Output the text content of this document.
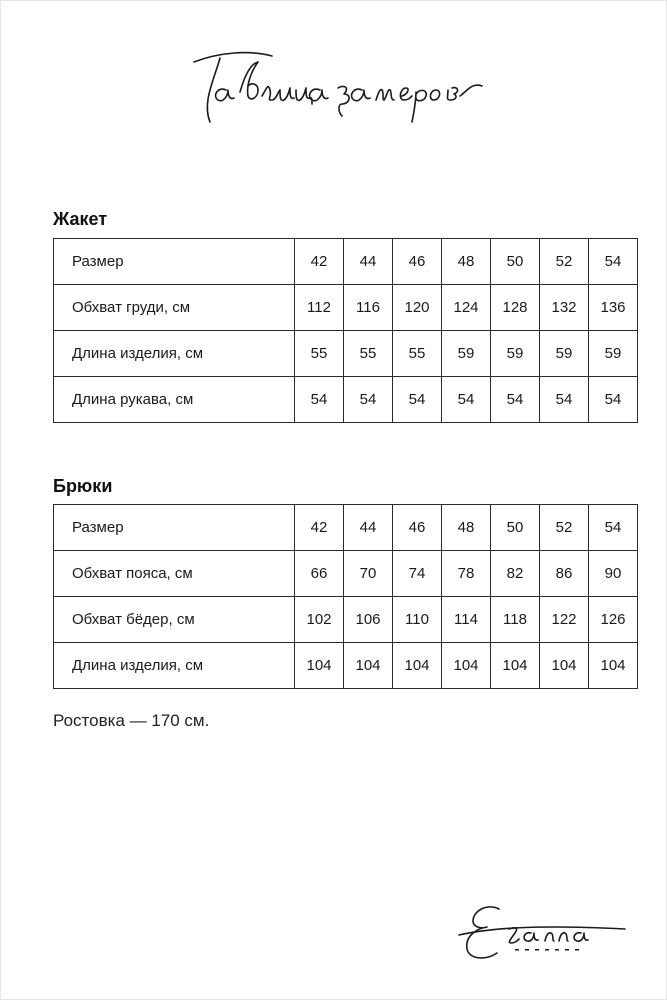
Жакет
Размер	42	44	46	48	50	52	54
Обхват груди, см	112	116	120	124	128	132	136
Длина изделия, см	55	55	55	59	59	59	59
Длина рукава, см	54	54	54	54	54	54	54
Брюки
Размер	42	44	46	48	50	52	54
Обхват пояса, см	66	70	74	78	82	86	90
Обхват бёдер, см	102	106	110	114	118	122	126
Длина изделия, см	104	104	104	104	104	104	104
Ростовка — 170 см.
